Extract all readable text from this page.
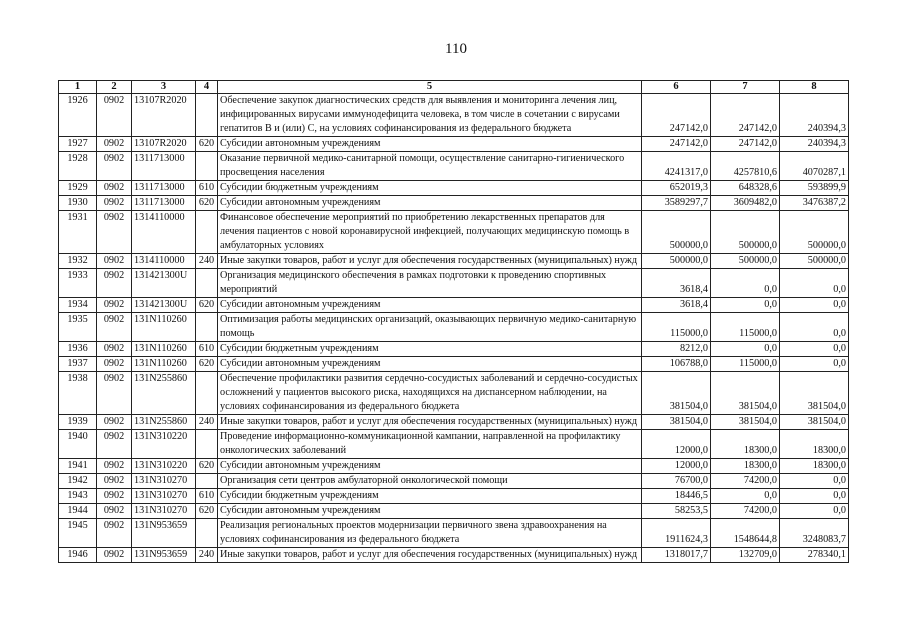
110
1	2	3	4	5	6	7	8
1926	0902	13107R2020		Обеспечение закупок диагностических средств для выявления и мониторинга лечения лиц, инфицированных вирусами иммунодефицита человека, в том числе в сочетании с вирусами гепатитов B и (или) C, на условиях софинансирования из федерального бюджета	247142,0	247142,0	240394,3
1927	0902	13107R2020	620	Субсидии автономным учреждениям	247142,0	247142,0	240394,3
1928	0902	1311713000		Оказание первичной медико-санитарной помощи, осуществление санитарно-гигиенического просвещения населения	4241317,0	4257810,6	4070287,1
1929	0902	1311713000	610	Субсидии бюджетным учреждениям	652019,3	648328,6	593899,9
1930	0902	1311713000	620	Субсидии автономным учреждениям	3589297,7	3609482,0	3476387,2
1931	0902	1314110000		Финансовое обеспечение мероприятий по приобретению лекарственных препаратов для лечения пациентов с новой коронавирусной инфекцией, получающих медицинскую помощь в амбулаторных условиях	500000,0	500000,0	500000,0
1932	0902	1314110000	240	Иные закупки товаров, работ и услуг для обеспечения государственных (муниципальных) нужд	500000,0	500000,0	500000,0
1933	0902	131421300U		Организация медицинского обеспечения в рамках подготовки к проведению спортивных мероприятий	3618,4	0,0	0,0
1934	0902	131421300U	620	Субсидии автономным учреждениям	3618,4	0,0	0,0
1935	0902	131N110260		Оптимизация работы медицинских организаций, оказывающих первичную медико-санитарную помощь	115000,0	115000,0	0,0
1936	0902	131N110260	610	Субсидии бюджетным учреждениям	8212,0	0,0	0,0
1937	0902	131N110260	620	Субсидии автономным учреждениям	106788,0	115000,0	0,0
1938	0902	131N255860		Обеспечение профилактики развития сердечно-сосудистых заболеваний и сердечно-сосудистых осложнений у пациентов высокого риска, находящихся на диспансерном наблюдении, на условиях софинансирования из федерального бюджета	381504,0	381504,0	381504,0
1939	0902	131N255860	240	Иные закупки товаров, работ и услуг для обеспечения государственных (муниципальных) нужд	381504,0	381504,0	381504,0
1940	0902	131N310220		Проведение информационно-коммуникационной кампании, направленной на профилактику онкологических заболеваний	12000,0	18300,0	18300,0
1941	0902	131N310220	620	Субсидии автономным учреждениям	12000,0	18300,0	18300,0
1942	0902	131N310270		Организация сети центров амбулаторной онкологической помощи	76700,0	74200,0	0,0
1943	0902	131N310270	610	Субсидии бюджетным учреждениям	18446,5	0,0	0,0
1944	0902	131N310270	620	Субсидии автономным учреждениям	58253,5	74200,0	0,0
1945	0902	131N953659		Реализация региональных проектов модернизации первичного звена здравоохранения на условиях софинансирования из федерального бюджета	1911624,3	1548644,8	3248083,7
1946	0902	131N953659	240	Иные закупки товаров, работ и услуг для обеспечения государственных (муниципальных) нужд	1318017,7	132709,0	278340,1
